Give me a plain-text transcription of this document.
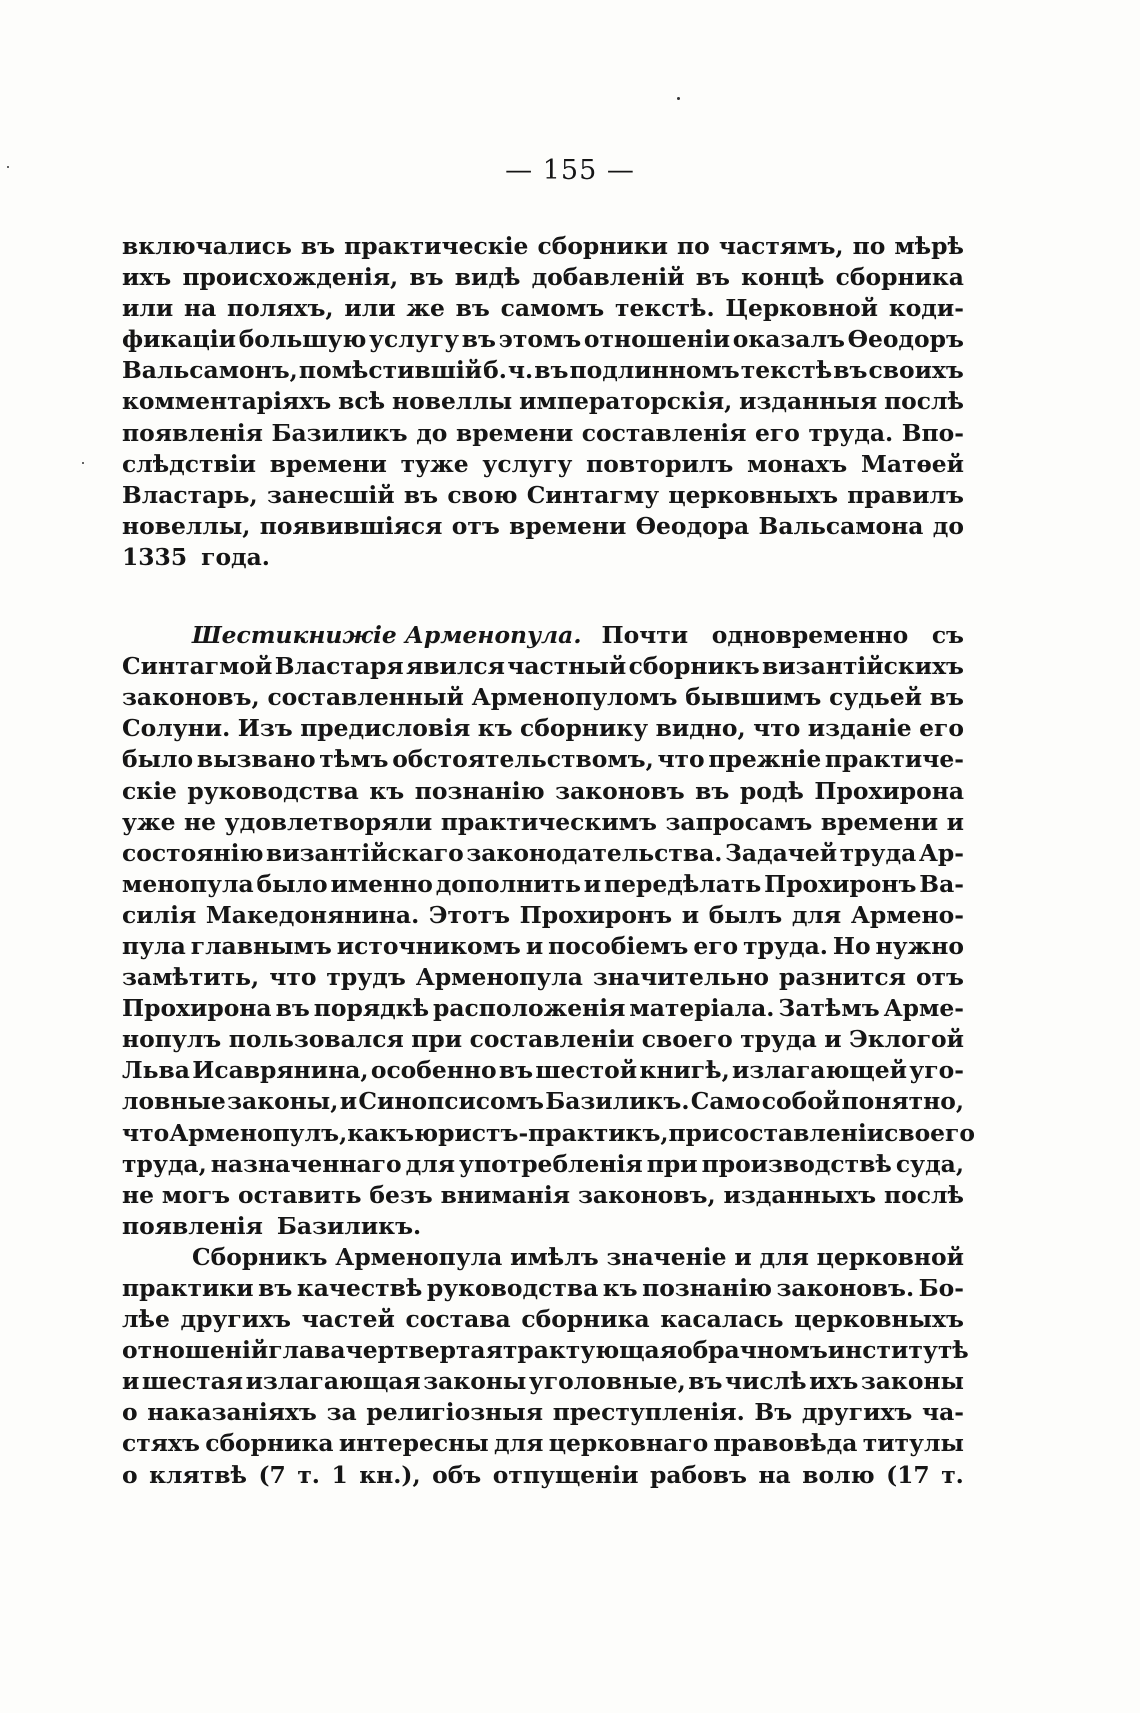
— 155 —
включались въ практическіе сборники по частямъ, по мѣрѣ
ихъ происхожденія, въ видѣ добавленій въ концѣ сборника
или на поляхъ, или же въ самомъ текстѣ. Церковной коди-
фикаціи большую услугу въ этомъ отношеніи оказалъ Ѳеодоръ
Вальсамонъ, помѣстившій б. ч. въ подлинномъ текстѣ въ своихъ
комментаріяхъ всѣ новеллы императорскія, изданныя послѣ
появленія Базиликъ до времени составленія его труда. Впо-
слѣдствіи времени туже услугу повторилъ монахъ Матѳей
Властарь, занесшій въ свою Синтагму церковныхъ правилъ
новеллы, появившіяся отъ времени Ѳеодора Вальсамона до
1335 года.
Шестикнижіе Арменопула. Почти одновременно съ
Синтагмой Властаря явился частный сборникъ византійскихъ
законовъ, составленный Арменопуломъ бывшимъ судьей въ
Солуни. Изъ предисловія къ сборнику видно, что изданіе его
было вызвано тѣмъ обстоятельствомъ, что прежніе практиче-
скіе руководства къ познанію законовъ въ родѣ Прохирона
уже не удовлетворяли практическимъ запросамъ времени и
состоянію византійскаго законодательства. Задачей труда Ар-
менопула было именно дополнить и передѣлать Прохиронъ Ва-
силія Македонянина. Этотъ Прохиронъ и былъ для Армено-
пула главнымъ источникомъ и пособіемъ его труда. Но нужно
замѣтить, что трудъ Арменопула значительно разнится отъ
Прохирона въ порядкѣ расположенія матеріала. Затѣмъ Арме-
нопулъ пользовался при составленіи своего труда и Эклогой
Льва Исаврянина, особенно въ шестой книгѣ, излагающей уго-
ловные законы, и Синопсисомъ Базиликъ. Само собой понятно,
что Арменопулъ, какъ юристъ-практикъ, при составленіи своего
труда, назначеннаго для употребленія при производствѣ суда,
не могъ оставить безъ вниманія законовъ, изданныхъ послѣ
появленія Базиликъ.
Сборникъ Арменопула имѣлъ значеніе и для церковной
практики въ качествѣ руководства къ познанію законовъ. Бо-
лѣе другихъ частей состава сборника касалась церковныхъ
отношеній глава чертвертая трактующая о брачномъ институтѣ
и шестая излагающая законы уголовные, въ числѣ ихъ законы
о наказаніяхъ за религіозныя преступленія. Въ другихъ ча-
стяхъ сборника интересны для церковнаго правовѣда титулы
о клятвѣ (7 т. 1 кн.), объ отпущеніи рабовъ на волю (17 т.
